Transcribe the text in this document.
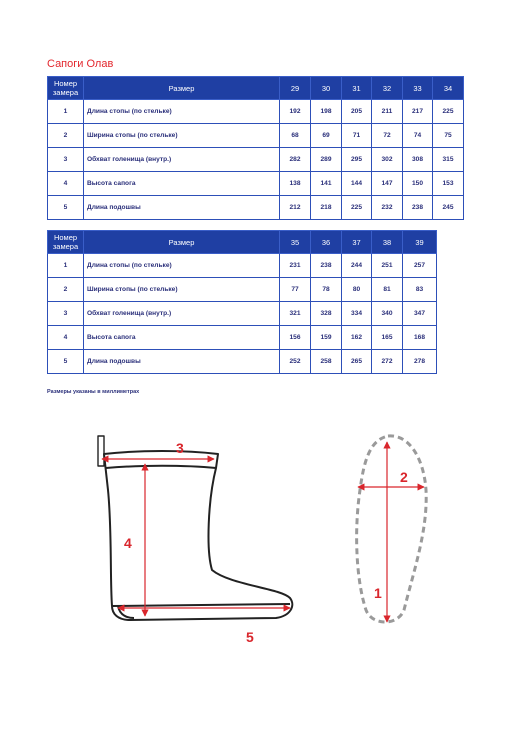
Сапоги Олав
Номер замера	Размер	29	30	31	32	33	34
1	Длина стопы (по стельке)	192	198	205	211	217	225
2	Ширина стопы (по стельке)	68	69	71	72	74	75
3	Обхват голенища (внутр.)	282	289	295	302	308	315
4	Высота сапога	138	141	144	147	150	153
5	Длина подошвы	212	218	225	232	238	245
Номер замера	Размер	35	36	37	38	39
1	Длина стопы (по стельке)	231	238	244	251	257
2	Ширина стопы (по стельке)	77	78	80	81	83
3	Обхват голенища (внутр.)	321	328	334	340	347
4	Высота сапога	156	159	162	165	168
5	Длина подошвы	252	258	265	272	278
Размеры указаны в миллиметрах
3
4
5
2
1
